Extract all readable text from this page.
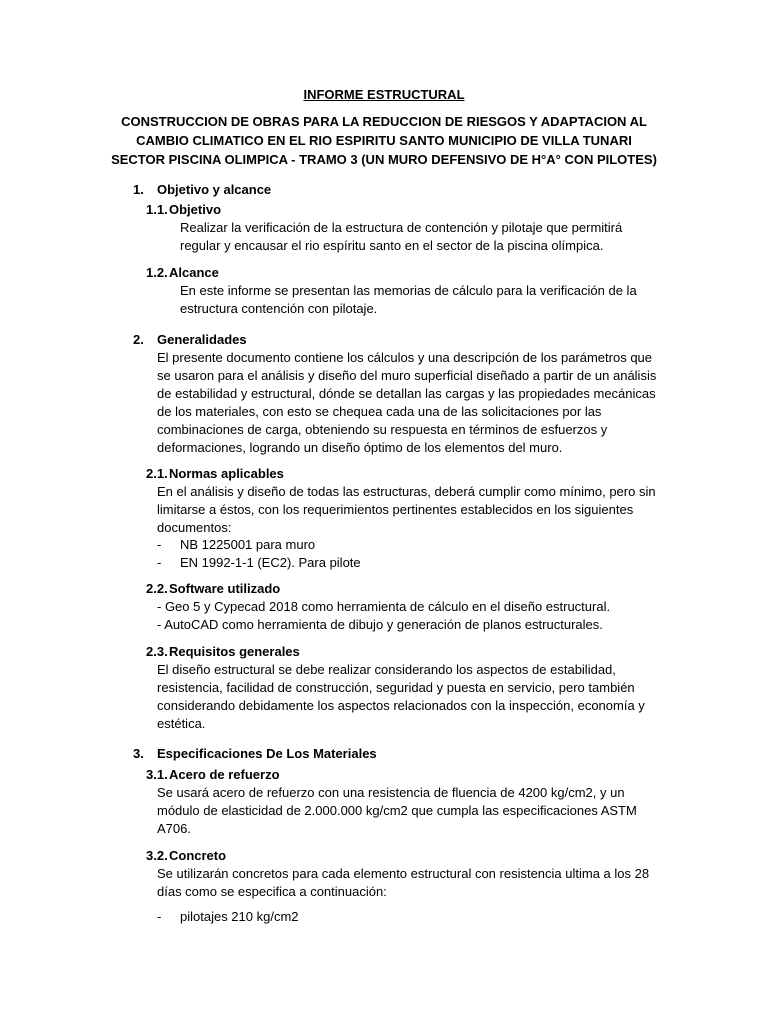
INFORME ESTRUCTURAL
CONSTRUCCION DE OBRAS PARA LA REDUCCION DE RIESGOS Y ADAPTACION AL CAMBIO CLIMATICO EN EL RIO ESPIRITU SANTO MUNICIPIO DE VILLA TUNARI SECTOR PISCINA OLIMPICA - TRAMO 3 (UN MURO DEFENSIVO DE H°A° CON PILOTES)
1. Objetivo y alcance
1.1. Objetivo
Realizar la verificación de la estructura de contención y pilotaje que permitirá
regular y encausar el rio espíritu santo en el sector de la piscina olímpica.
1.2. Alcance
En este informe se presentan las memorias de cálculo para la verificación de la
estructura contención con pilotaje.
2. Generalidades
El presente documento contiene los cálculos y una descripción de los parámetros que
se usaron para el análisis y diseño del muro superficial diseñado a partir de un análisis
de estabilidad y estructural, dónde se detallan las cargas y las propiedades mecánicas
de los materiales, con esto se chequea cada una de las solicitaciones por las
combinaciones de carga, obteniendo su respuesta en términos de esfuerzos y
deformaciones, logrando un diseño óptimo de los elementos del muro.
2.1. Normas aplicables
En el análisis y diseño de todas las estructuras, deberá cumplir como mínimo, pero sin
limitarse a éstos, con los requerimientos pertinentes establecidos en los siguientes
documentos:
- NB 1225001 para muro
- EN 1992-1-1 (EC2). Para pilote
2.2. Software utilizado
- Geo 5 y Cypecad 2018 como herramienta de cálculo en el diseño estructural.
- AutoCAD como herramienta de dibujo y generación de planos estructurales.
2.3. Requisitos generales
El diseño estructural se debe realizar considerando los aspectos de estabilidad,
resistencia, facilidad de construcción, seguridad y puesta en servicio, pero también
considerando debidamente los aspectos relacionados con la inspección, economía y
estética.
3. Especificaciones De Los Materiales
3.1. Acero de refuerzo
Se usará acero de refuerzo con una resistencia de fluencia de 4200 kg/cm2, y un
módulo de elasticidad de 2.000.000 kg/cm2 que cumpla las especificaciones ASTM
A706.
3.2. Concreto
Se utilizarán concretos para cada elemento estructural con resistencia ultima a los 28
días como se especifica a continuación:
- pilotajes 210 kg/cm2
